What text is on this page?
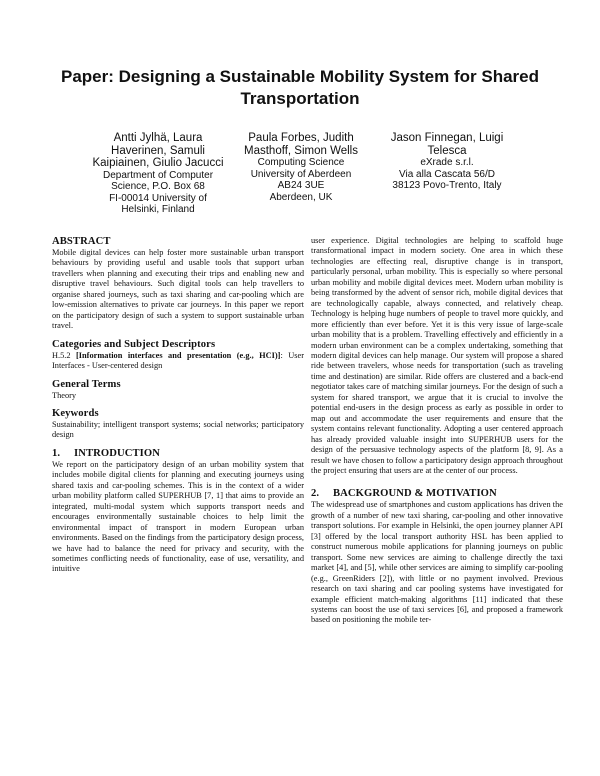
Paper: Designing a Sustainable Mobility System for Shared Transportation
Antti Jylhä, Laura Haverinen, Samuli Kaipiainen, Giulio Jacucci
Department of Computer Science, P.O. Box 68
FI-00014 University of Helsinki, Finland
Paula Forbes, Judith Masthoff, Simon Wells
Computing Science
University of Aberdeen
AB24 3UE
Aberdeen, UK
Jason Finnegan, Luigi Telesca
eXrade s.r.l.
Via alla Cascata 56/D
38123 Povo-Trento, Italy
ABSTRACT

Mobile digital devices can help foster more sustainable urban transport behaviours by providing useful and usable tools that support urban travellers when planning and executing their trips and enabling new and disruptive travel behaviours. Such digital tools can help travellers to organise shared journeys, such as taxi sharing and car-pooling which are low-emission alternatives to private car journeys. In this paper we report on the participatory design of such a system to support sustainable urban travel.

Categories and Subject Descriptors

H.5.2 [Information interfaces and presentation (e.g., HCI)]: User Interfaces - User-centered design

General Terms

Theory

Keywords

Sustainability; intelligent transport systems; social networks; participatory design

1. INTRODUCTION

We report on the participatory design of an urban mobility system that includes mobile digital clients for planning and executing journeys using shared taxis and car-pooling schemes. This is in the context of a wider urban mobility platform called SUPERHUB [7, 1] that aims to provide an integrated, multi-modal system which supports transport needs and encourages environmentally sustainable choices to help limit the environmental impact of transport in modern European urban environments. Based on the findings from the participatory design process, we have had to balance the need for privacy and security, with the sometimes conflicting needs of functionality, ease of use, versatility, and intuitive

user experience. Digital technologies are helping to scaffold huge transformational impact in modern society. One area in which these technologies are effecting real, disruptive change is in transport, particularly personal, urban mobility. This is especially so where personal urban mobility and mobile digital devices meet. Modern urban mobility is being transformed by the advent of sensor rich, mobile digital devices that are technologically capable, always connected, and relatively cheap. Technology is helping huge numbers of people to travel more quickly, and more efficiently than ever before. Yet it is this very issue of large-scale urban mobility that is a problem. Travelling effectively and efficiently in a modern urban environment can be a complex undertaking, something that modern digital devices can help manage. Our system will propose a shared ride between travelers, whose needs for transportation (such as traveling time and destination) are similar. Ride offers are clustered and a back-end negotiator takes care of matching similar journeys. For the design of such a system for shared transport, we argue that it is crucial to involve the potential end-users in the design process as early as possible in order to map out and accommodate the user requirements and ensure that the system contains relevant functionality. Adopting a user centered approach has already provided valuable insight into SUPERHUB users for the design of the persuasive technology aspects of the platform [8, 9]. As a result we have chosen to follow a participatory design approach throughout the project ensuring that users are at the center of our process.

2. BACKGROUND & MOTIVATION

The widespread use of smartphones and custom applications has driven the growth of a number of new taxi sharing, car-pooling and other innovative transport solutions. For example in Helsinki, the open journey planner API [3] offered by the local transport authority HSL has been applied to construct numerous mobile applications for planning journeys on public transport. Some new services are aiming to challenge directly the taxi market [4], and [5], while other services are aiming to simplify car-pooling (e.g., GreenRiders [2]), with little or no payment involved. Previous research on taxi sharing and car pooling systems have investigated for example efficient match-making algorithms [11] indicated that these systems can boost the use of taxi services [6], and proposed a framework based on positioning the mobile ter-
